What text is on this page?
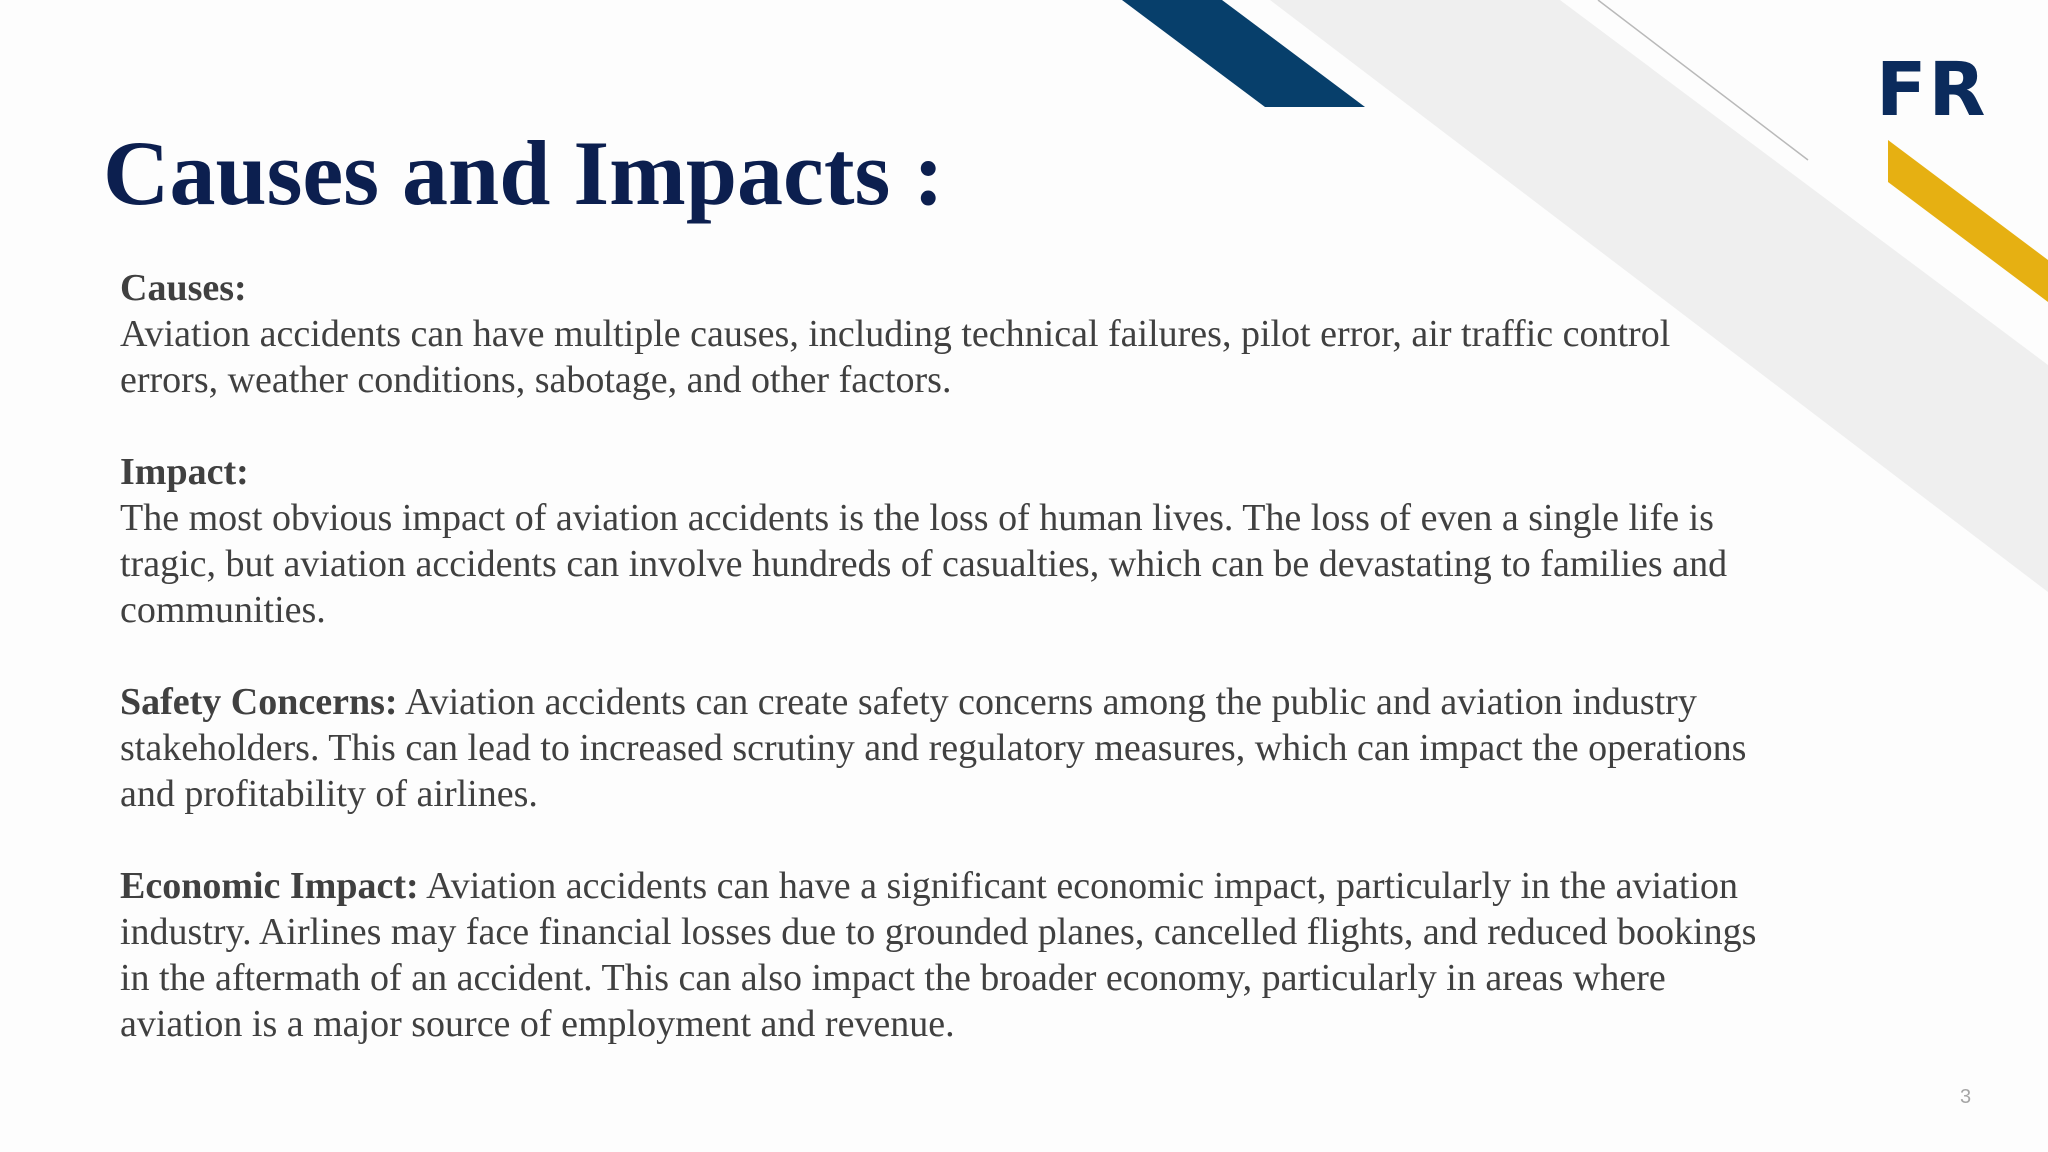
FR
Causes and Impacts :

Causes:
Aviation accidents can have multiple causes, including technical failures, pilot error, air traffic control errors, weather conditions, sabotage, and other factors.

Impact:
The most obvious impact of aviation accidents is the loss of human lives. The loss of even a single life is tragic, but aviation accidents can involve hundreds of casualties, which can be devastating to families and communities.

Safety Concerns: Aviation accidents can create safety concerns among the public and aviation industry stakeholders. This can lead to increased scrutiny and regulatory measures, which can impact the operations and profitability of airlines.

Economic Impact: Aviation accidents can have a significant economic impact, particularly in the aviation industry. Airlines may face financial losses due to grounded planes, cancelled flights, and reduced bookings in the aftermath of an accident. This can also impact the broader economy, particularly in areas where aviation is a major source of employment and revenue.

3
